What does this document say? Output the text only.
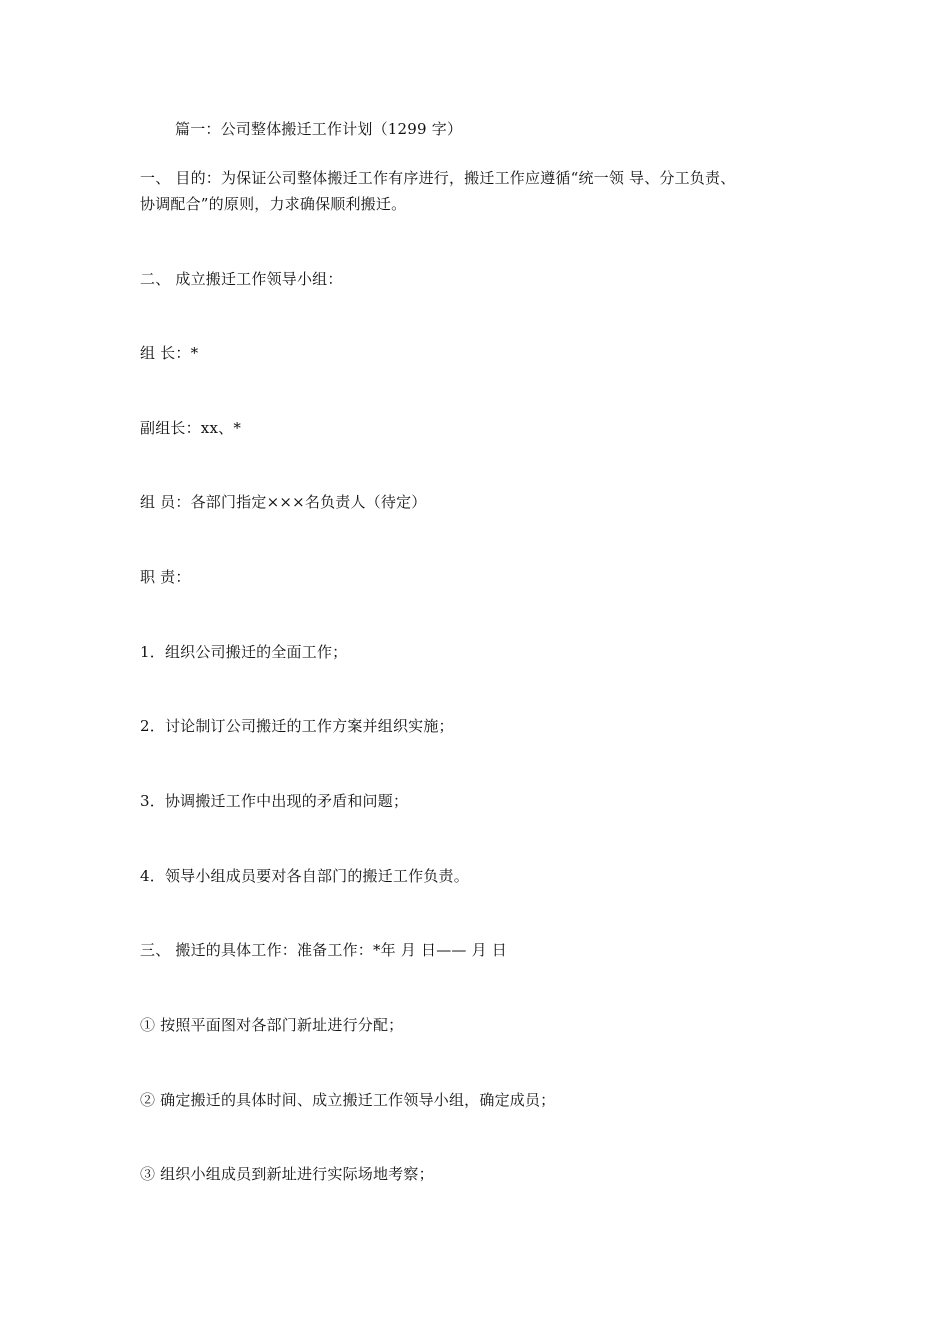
篇一：公司整体搬迁工作计划（1299 字）
一、 目的：为保证公司整体搬迁工作有序进行，搬迁工作应遵循“统一领 导、分工负责、
协调配合”的原则，力求确保顺利搬迁。
二、 成立搬迁工作领导小组：
组 长：*
副组长：xx、*
组 员：各部门指定×××名负责人（待定）
职 责：
1．组织公司搬迁的全面工作；
2．讨论制订公司搬迁的工作方案并组织实施；
3．协调搬迁工作中出现的矛盾和问题；
4．领导小组成员要对各自部门的搬迁工作负责。
三、 搬迁的具体工作：准备工作：*年 月 日—— 月 日
① 按照平面图对各部门新址进行分配；
② 确定搬迁的具体时间、成立搬迁工作领导小组，确定成员；
③ 组织小组成员到新址进行实际场地考察；
